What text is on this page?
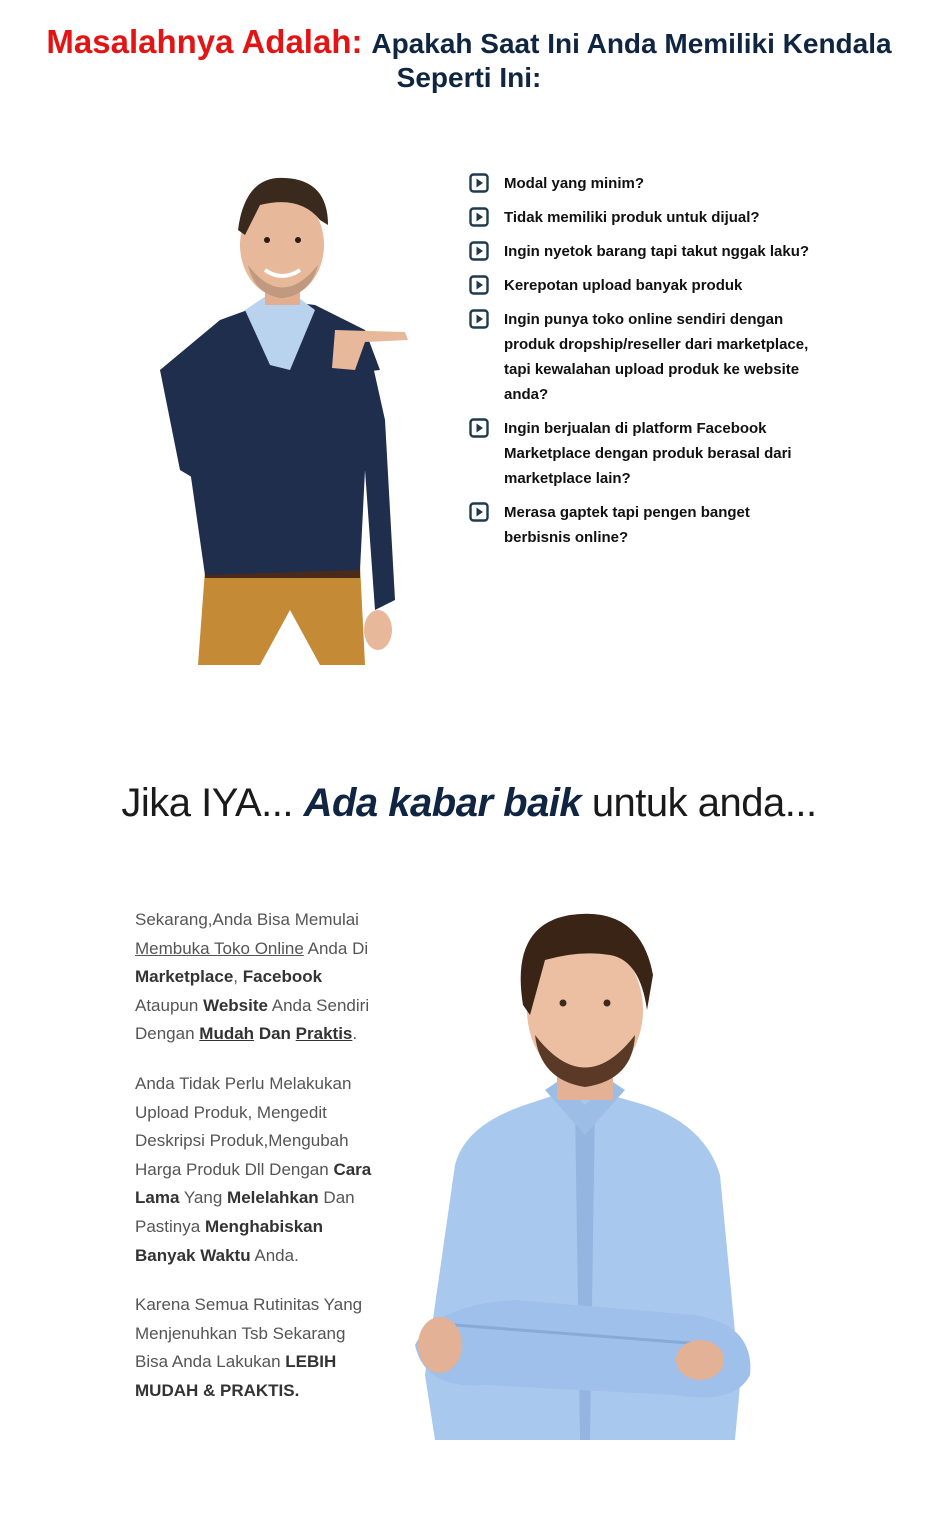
Masalahnya Adalah: Apakah Saat Ini Anda Memiliki Kendala Seperti Ini:
Modal yang minim?
Tidak memiliki produk untuk dijual?
Ingin nyetok barang tapi takut nggak laku?
Kerepotan upload banyak produk
Ingin punya toko online sendiri dengan produk dropship/reseller dari marketplace, tapi kewalahan upload produk ke website anda?
Ingin berjualan di platform Facebook Marketplace dengan produk berasal dari marketplace lain?
Merasa gaptek tapi pengen banget berbisnis online?
Jika IYA... Ada kabar baik untuk anda...

Sekarang,Anda Bisa Memulai Membuka Toko Online Anda Di Marketplace, Facebook Ataupun Website Anda Sendiri Dengan Mudah Dan Praktis.

Anda Tidak Perlu Melakukan Upload Produk, Mengedit Deskripsi Produk,Mengubah Harga Produk Dll Dengan Cara Lama Yang Melelahkan Dan Pastinya Menghabiskan Banyak Waktu Anda.

Karena Semua Rutinitas Yang Menjenuhkan Tsb Sekarang Bisa Anda Lakukan LEBIH MUDAH & PRAKTIS.
